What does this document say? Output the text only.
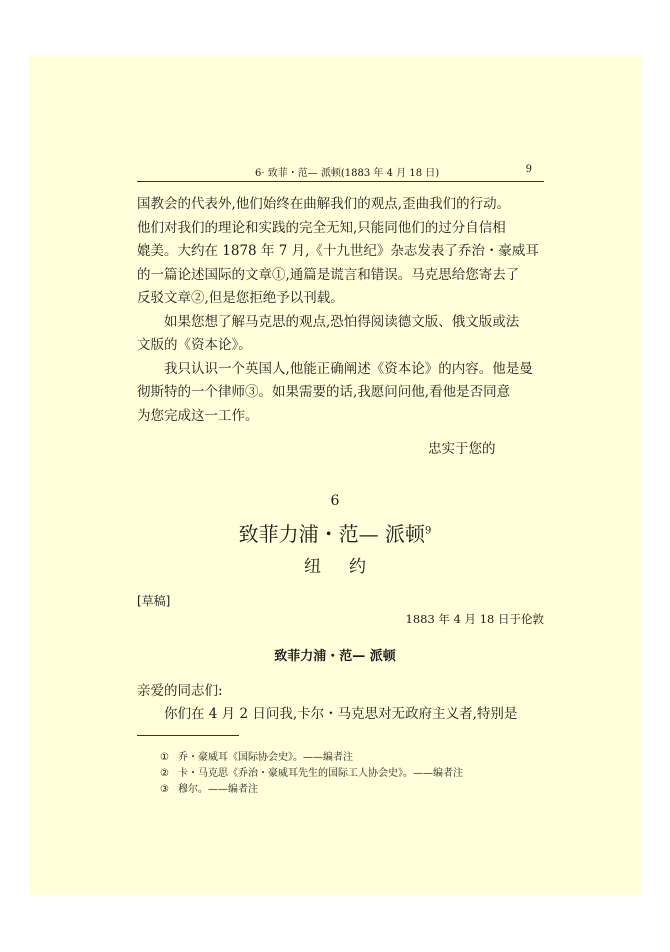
6· 致菲・范— 派顿(1883 年 4 月 18 日)	9
国教会的代表外,他们始终在曲解我们的观点,歪曲我们的行动。
他们对我们的理论和实践的完全无知,只能同他们的过分自信相
媲美。大约在 1878 年 7 月,《十九世纪》杂志发表了乔治・豪威耳
的一篇论述国际的文章①,通篇是谎言和错误。马克思给您寄去了
反驳文章②,但是您拒绝予以刊载。
如果您想了解马克思的观点,恐怕得阅读德文版、俄文版或法
文版的《资本论》。
我只认识一个英国人,他能正确阐述《资本论》的内容。他是曼
彻斯特的一个律师③。如果需要的话,我愿问问他,看他是否同意
为您完成这一工作。
忠实于您的
6
致菲力浦・范— 派顿$^9$
纽约
[草稿]
1883 年 4 月 18 日于伦敦
致菲力浦・范— 派顿
亲爱的同志们:
你们在 4 月 2 日问我,卡尔・马克思对无政府主义者,特别是
① 乔・豪威耳《国际协会史》。——编者注
② 卡・马克思《乔治・豪威耳先生的国际工人协会史》。——编者注
③ 穆尔。——编者注
